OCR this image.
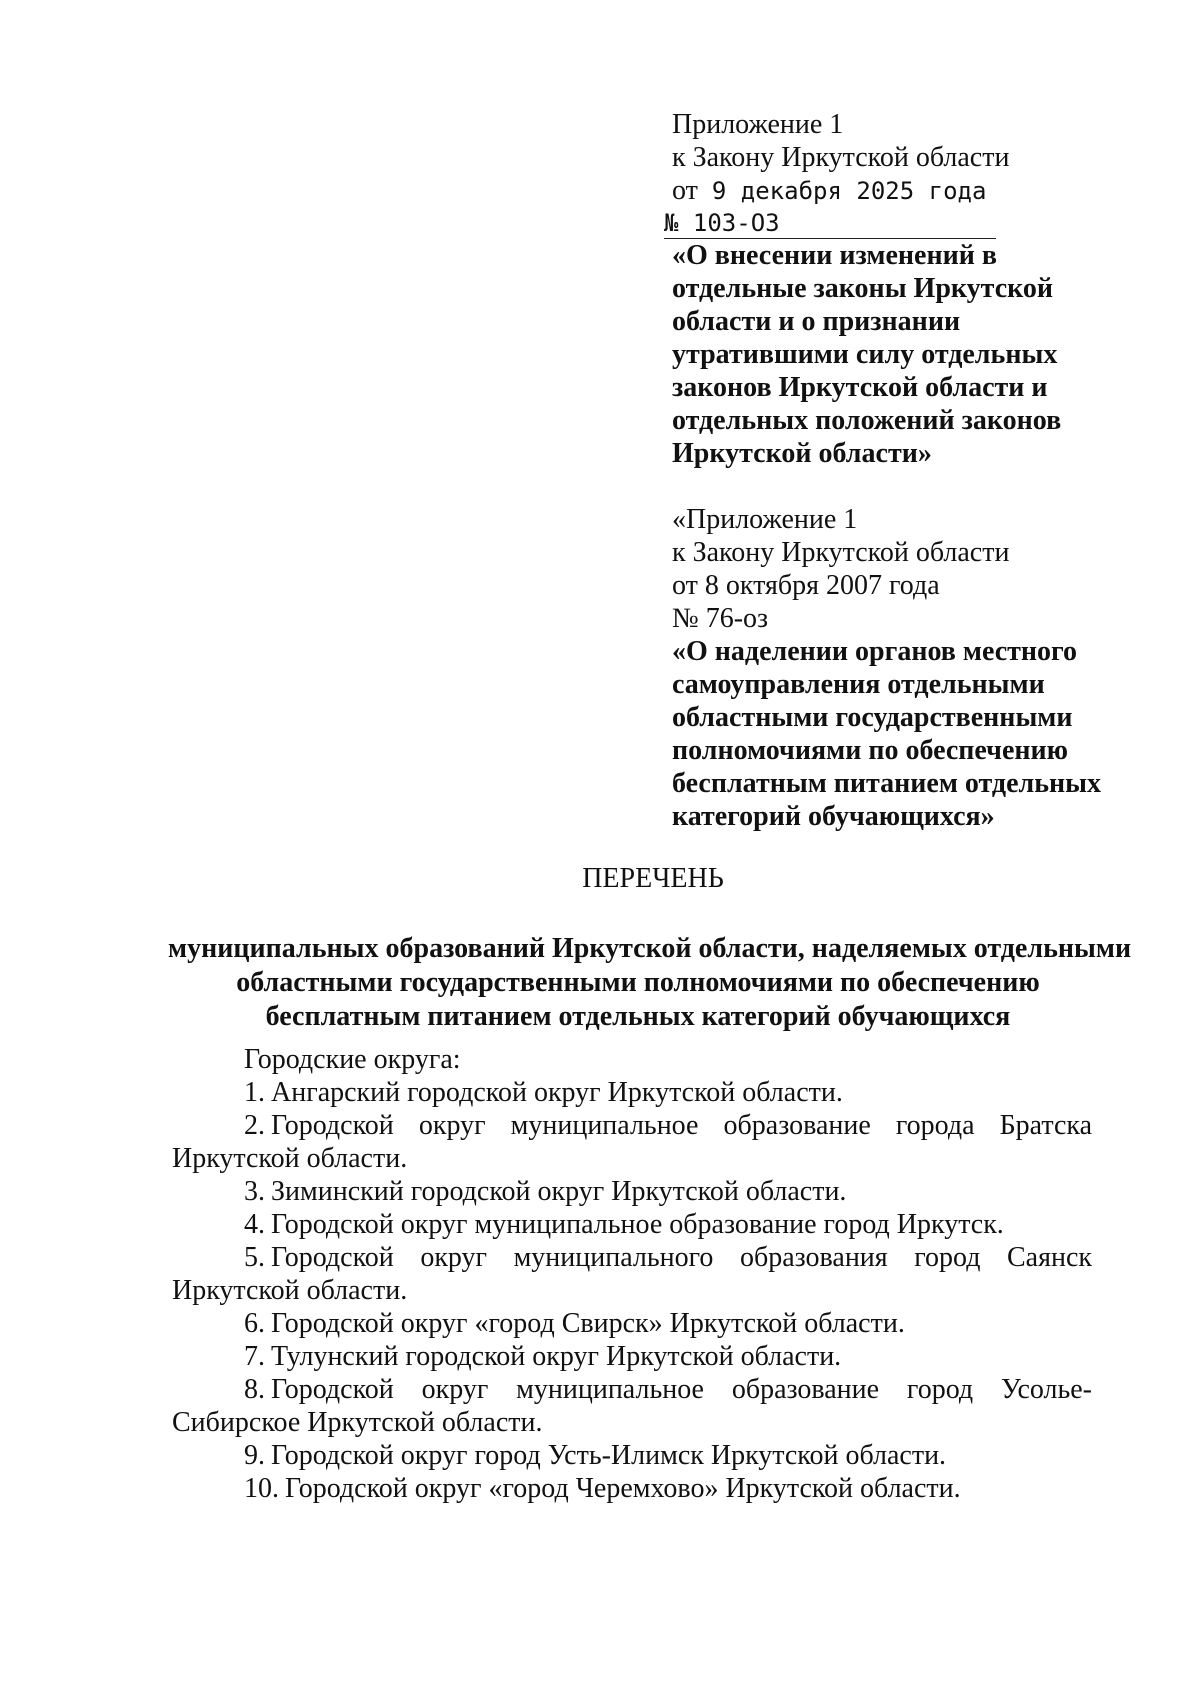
Приложение 1
к Закону Иркутской области
от 9 декабря 2025 года
№ 103-ОЗ
«О внесении изменений в
отдельные законы Иркутской
области и о признании
утратившими силу отдельных
законов Иркутской области и
отдельных положений законов
Иркутской области»
«Приложение 1
к Закону Иркутской области
от 8 октября 2007 года
№ 76-оз
«О наделении органов местного
самоуправления отдельными
областными государственными
полномочиями по обеспечению
бесплатным питанием отдельных
категорий обучающихся»
ПЕРЕЧЕНЬ
муниципальных образований Иркутской области, наделяемых отдельными
областными государственными полномочиями по обеспечению
бесплатным питанием отдельных категорий обучающихся
Городские округа:
1. Ангарский городской округ Иркутской области.
2. Городской округ муниципальное образование города Братска Иркутской области.
3. Зиминский городской округ Иркутской области.
4. Городской округ муниципальное образование город Иркутск.
5. Городской округ муниципального образования город Саянск Иркутской области.
6. Городской округ «город Свирск» Иркутской области.
7. Тулунский городской округ Иркутской области.
8. Городской округ муниципальное образование город Усолье-Сибирское Иркутской области.
9. Городской округ город Усть-Илимск Иркутской области.
10. Городской округ «город Черемхово» Иркутской области.
